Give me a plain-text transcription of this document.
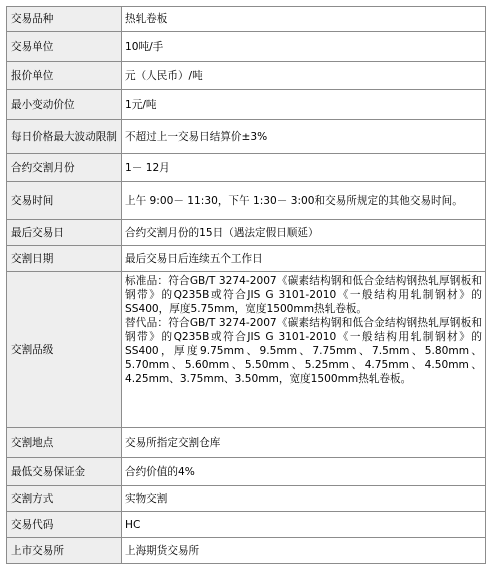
交易品种	热轧卷板
交易单位	10吨/手
报价单位	元（人民币）/吨
最小变动价位	1元/吨
每日价格最大波动限制	不超过上一交易日结算价±3%
合约交割月份	1－ 12月
交易时间	上午 9:00－ 11:30，下午 1:30－ 3:00和交易所规定的其他交易时间。
最后交易日	合约交割月份的15日（遇法定假日顺延）
交割日期	最后交易日后连续五个工作日
交割品级	标准品：符合GB/T 3274-2007《碳素结构钢和低合金结构钢热轧厚钢板和钢带》的Q235B或符合JIS G 3101-2010《一般结构用轧制钢材》的SS400，厚度5.75mm，宽度1500mm热轧卷板。
替代品：符合GB/T 3274-2007《碳素结构钢和低合金结构钢热轧厚钢板和钢带》的Q235B或符合JIS G 3101-2010《一般结构用轧制钢材》的SS400，厚度9.75mm、9.5mm、7.75mm、7.5mm、5.80mm、5.70mm、5.60mm、5.50mm、5.25mm、4.75mm、4.50mm、4.25mm、3.75mm、3.50mm，宽度1500mm热轧卷板。

交割地点	交易所指定交割仓库
最低交易保证金	合约价值的4%
交割方式	实物交割
交易代码	HC
上市交易所	上海期货交易所
